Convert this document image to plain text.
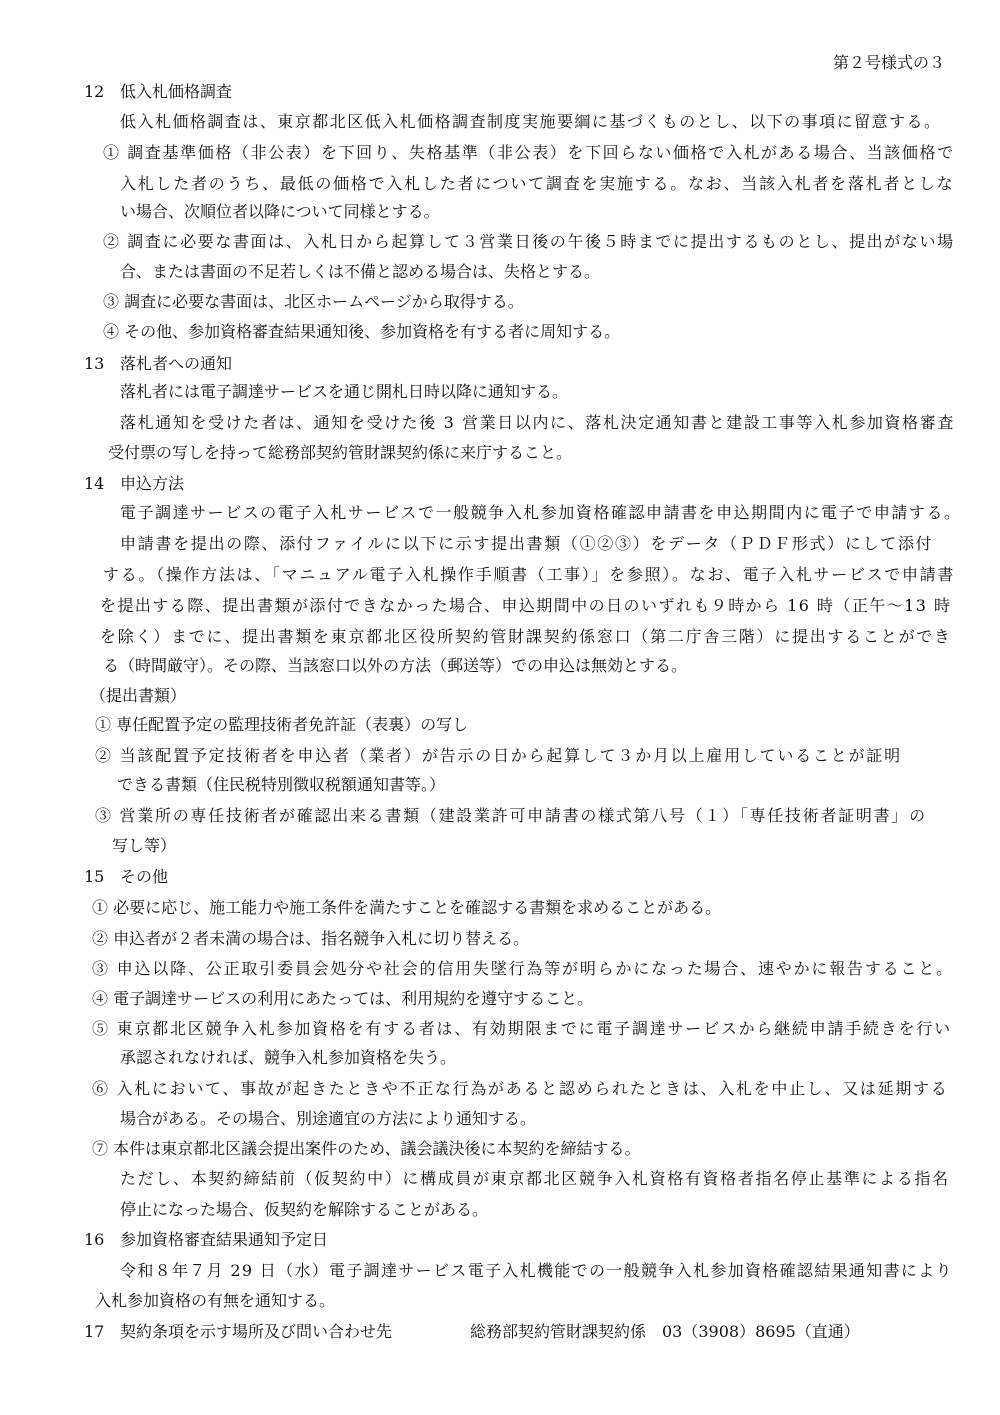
第２号様式の３
12 低入札価格調査
低入札価格調査は、東京都北区低入札価格調査制度実施要綱に基づくものとし、以下の事項に留意する。
① 調査基準価格（非公表）を下回り、失格基準（非公表）を下回らない価格で入札がある場合、当該価格で
入札した者のうち、最低の価格で入札した者について調査を実施する。なお、当該入札者を落札者としな
い場合、次順位者以降について同様とする。
② 調査に必要な書面は、入札日から起算して３営業日後の午後５時までに提出するものとし、提出がない場
合、または書面の不足若しくは不備と認める場合は、失格とする。
③ 調査に必要な書面は、北区ホームページから取得する。
④ その他、参加資格審査結果通知後、参加資格を有する者に周知する。
13 落札者への通知
落札者には電子調達サービスを通じ開札日時以降に通知する。
落札通知を受けた者は、通知を受けた後 3 営業日以内に、落札決定通知書と建設工事等入札参加資格審査
受付票の写しを持って総務部契約管財課契約係に来庁すること。
14 申込方法
電子調達サービスの電子入札サービスで一般競争入札参加資格確認申請書を申込期間内に電子で申請する。
申請書を提出の際、添付ファイルに以下に示す提出書類（①②③）をデータ（ＰＤＦ形式）にして添付
する。（操作方法は、「マニュアル電子入札操作手順書（工事）」を参照）。なお、電子入札サービスで申請書
を提出する際、提出書類が添付できなかった場合、申込期間中の日のいずれも９時から 16 時（正午～13 時
を除く）までに、提出書類を東京都北区役所契約管財課契約係窓口（第二庁舎三階）に提出することができ
る（時間厳守）。その際、当該窓口以外の方法（郵送等）での申込は無効とする。
（提出書類）
① 専任配置予定の監理技術者免許証（表裏）の写し
② 当該配置予定技術者を申込者（業者）が告示の日から起算して３か月以上雇用していることが証明
できる書類（住民税特別徴収税額通知書等。）
③ 営業所の専任技術者が確認出来る書類（建設業許可申請書の様式第八号（１）「専任技術者証明書」の
写し等）
15 その他
① 必要に応じ、施工能力や施工条件を満たすことを確認する書類を求めることがある。
② 申込者が２者未満の場合は、指名競争入札に切り替える。
③ 申込以降、公正取引委員会処分や社会的信用失墜行為等が明らかになった場合、速やかに報告すること。
④ 電子調達サービスの利用にあたっては、利用規約を遵守すること。
⑤ 東京都北区競争入札参加資格を有する者は、有効期限までに電子調達サービスから継続申請手続きを行い
承認されなければ、競争入札参加資格を失う。
⑥ 入札において、事故が起きたときや不正な行為があると認められたときは、入札を中止し、又は延期する
場合がある。その場合、別途適宜の方法により通知する。
⑦ 本件は東京都北区議会提出案件のため、議会議決後に本契約を締結する。
ただし、本契約締結前（仮契約中）に構成員が東京都北区競争入札資格有資格者指名停止基準による指名
停止になった場合、仮契約を解除することがある。
16 参加資格審査結果通知予定日
令和８年７月 29 日（水）電子調達サービス電子入札機能での一般競争入札参加資格確認結果通知書により
入札参加資格の有無を通知する。
17 契約条項を示す場所及び問い合わせ先	総務部契約管財課契約係　03（3908）8695（直通）
